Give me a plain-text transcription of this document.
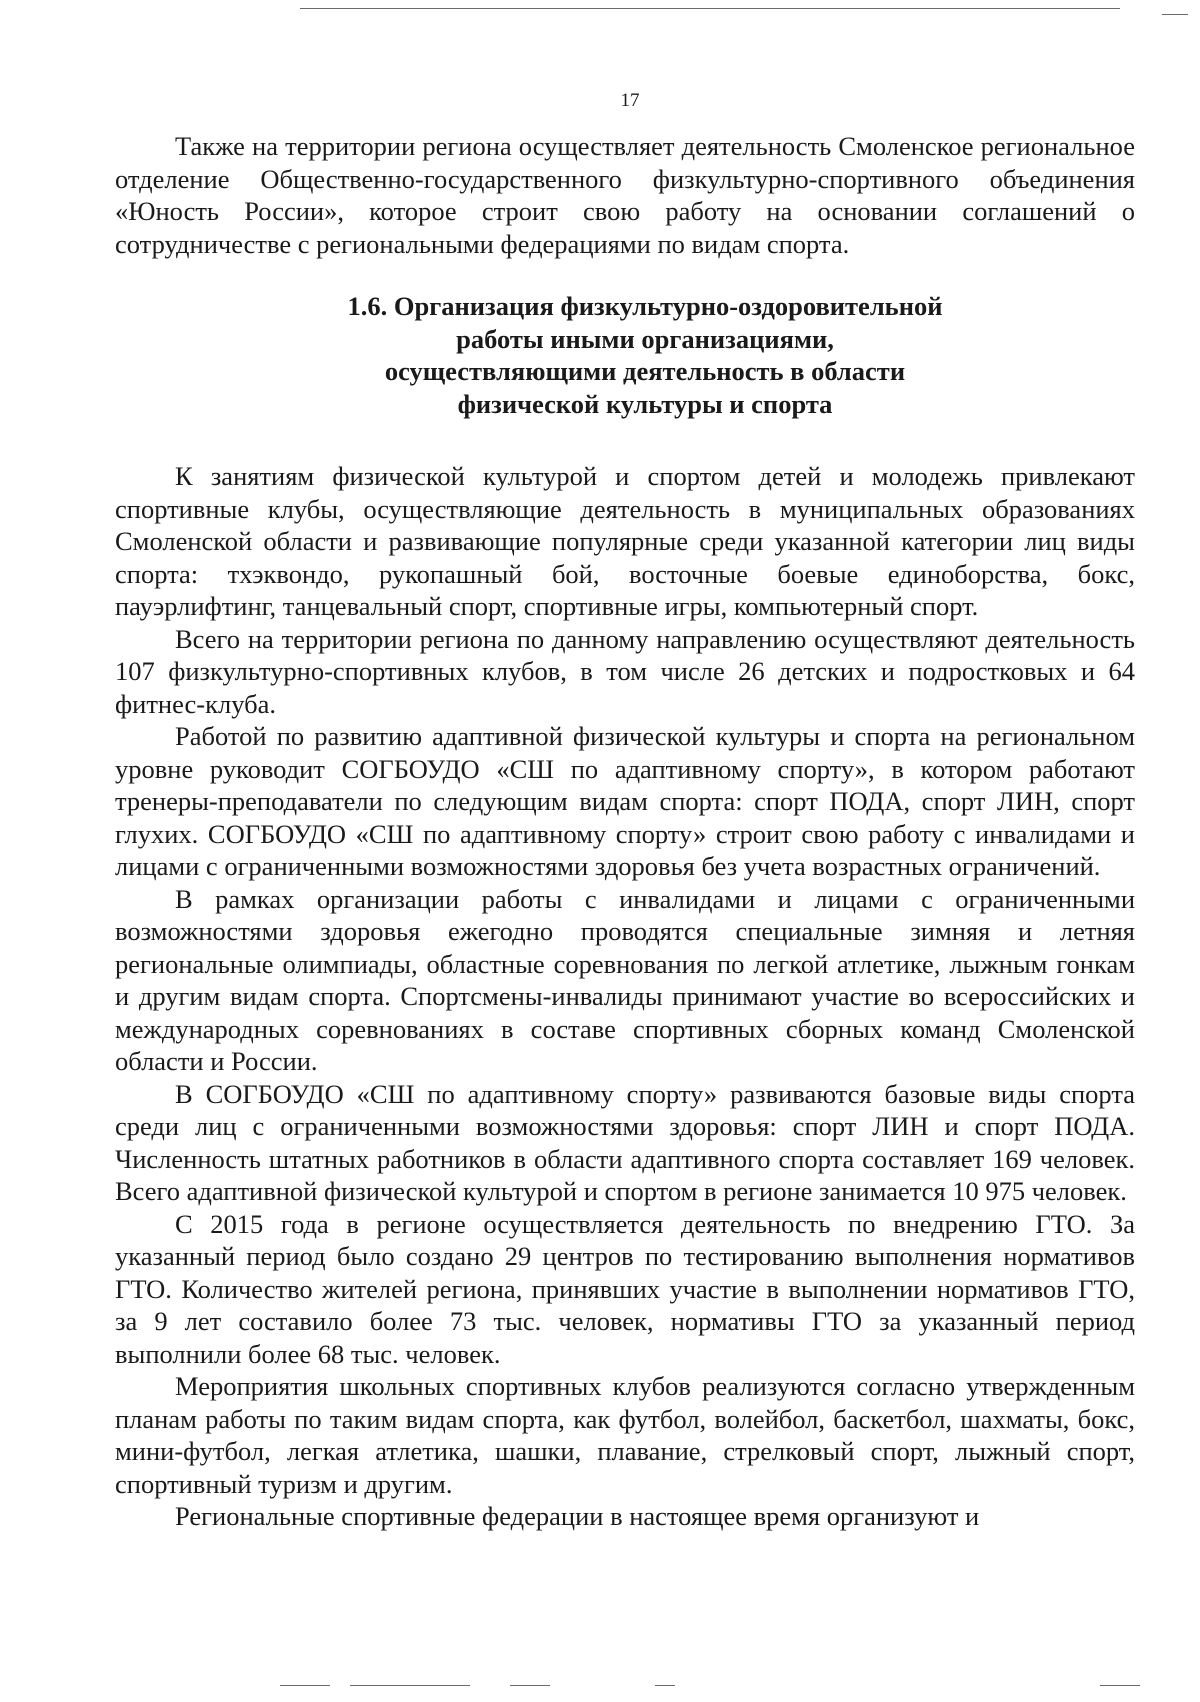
17

Также на территории региона осуществляет деятельность Смоленское региональное отделение Общественно-государственного физкультурно-спортивного объединения «Юность России», которое строит свою работу на основании соглашений о сотрудничестве с региональными федерациями по видам спорта.

1.6. Организация физкультурно-оздоровительной
работы иными организациями,
осуществляющими деятельность в области
физической культуры и спорта

К занятиям физической культурой и спортом детей и молодежь привлекают спортивные клубы, осуществляющие деятельность в муниципальных образованиях Смоленской области и развивающие популярные среди указанной категории лиц виды спорта: тхэквондо, рукопашный бой, восточные боевые единоборства, бокс, пауэрлифтинг, танцевальный спорт, спортивные игры, компьютерный спорт.

Всего на территории региона по данному направлению осуществляют деятельность 107 физкультурно-спортивных клубов, в том числе 26 детских и подростковых и 64 фитнес-клуба.

Работой по развитию адаптивной физической культуры и спорта на региональном уровне руководит СОГБОУДО «СШ по адаптивному спорту», в котором работают тренеры-преподаватели по следующим видам спорта: спорт ПОДА, спорт ЛИН, спорт глухих. СОГБОУДО «СШ по адаптивному спорту» строит свою работу с инвалидами и лицами с ограниченными возможностями здоровья без учета возрастных ограничений.

В рамках организации работы с инвалидами и лицами с ограниченными возможностями здоровья ежегодно проводятся специальные зимняя и летняя региональные олимпиады, областные соревнования по легкой атлетике, лыжным гонкам и другим видам спорта. Спортсмены-инвалиды принимают участие во всероссийских и международных соревнованиях в составе спортивных сборных команд Смоленской области и России.

В СОГБОУДО «СШ по адаптивному спорту» развиваются базовые виды спорта среди лиц с ограниченными возможностями здоровья: спорт ЛИН и спорт ПОДА. Численность штатных работников в области адаптивного спорта составляет 169 человек. Всего адаптивной физической культурой и спортом в регионе занимается 10 975 человек.

С 2015 года в регионе осуществляется деятельность по внедрению ГТО. За указанный период было создано 29 центров по тестированию выполнения нормативов ГТО. Количество жителей региона, принявших участие в выполнении нормативов ГТО, за 9 лет составило более 73 тыс. человек, нормативы ГТО за указанный период выполнили более 68 тыс. человек.

Мероприятия школьных спортивных клубов реализуются согласно утвержденным планам работы по таким видам спорта, как футбол, волейбол, баскетбол, шахматы, бокс, мини-футбол, легкая атлетика, шашки, плавание, стрелковый спорт, лыжный спорт, спортивный туризм и другим.

Региональные спортивные федерации в настоящее время организуют и
